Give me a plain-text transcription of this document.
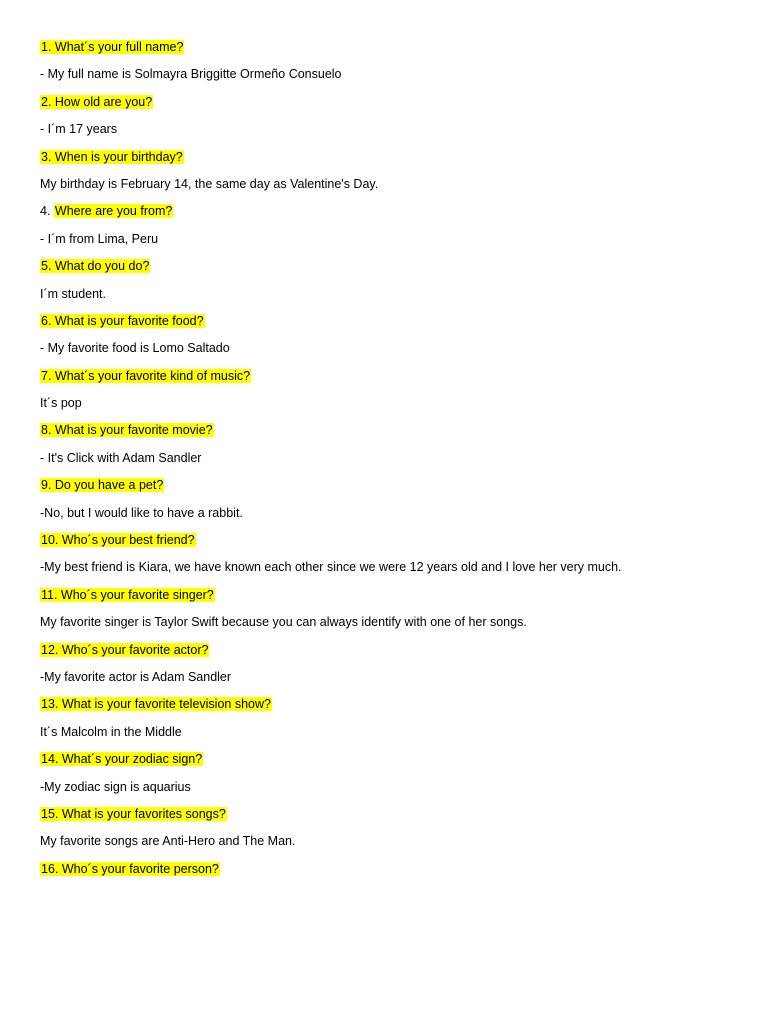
1. What´s your full name?
- My full name is Solmayra Briggitte Ormeño Consuelo
2. How old are you?
- I´m 17 years
3. When is your birthday?
My birthday is February 14, the same day as Valentine's Day.
4. Where are you from?
- I´m from Lima, Peru
5. What do you do?
I´m student.
6. What is your favorite food?
- My favorite food is Lomo Saltado
7. What´s your favorite kind of music?
It´s pop
8. What is your favorite movie?
- It's Click with Adam Sandler
9. Do you have a pet?
-No, but I would like to have a rabbit.
10. Who´s your best friend?
-My best friend is Kiara, we have known each other since we were 12 years old and I love her very much.
11. Who´s your favorite singer?
My favorite singer is Taylor Swift because you can always identify with one of her songs.
12. Who´s your favorite actor?
-My favorite actor is Adam Sandler
13. What is your favorite television show?
It´s Malcolm in the Middle
14. What´s your zodiac sign?
-My zodiac sign is aquarius
15. What is your favorites songs?
My favorite songs are Anti-Hero and The Man.
16. Who´s your favorite person?
